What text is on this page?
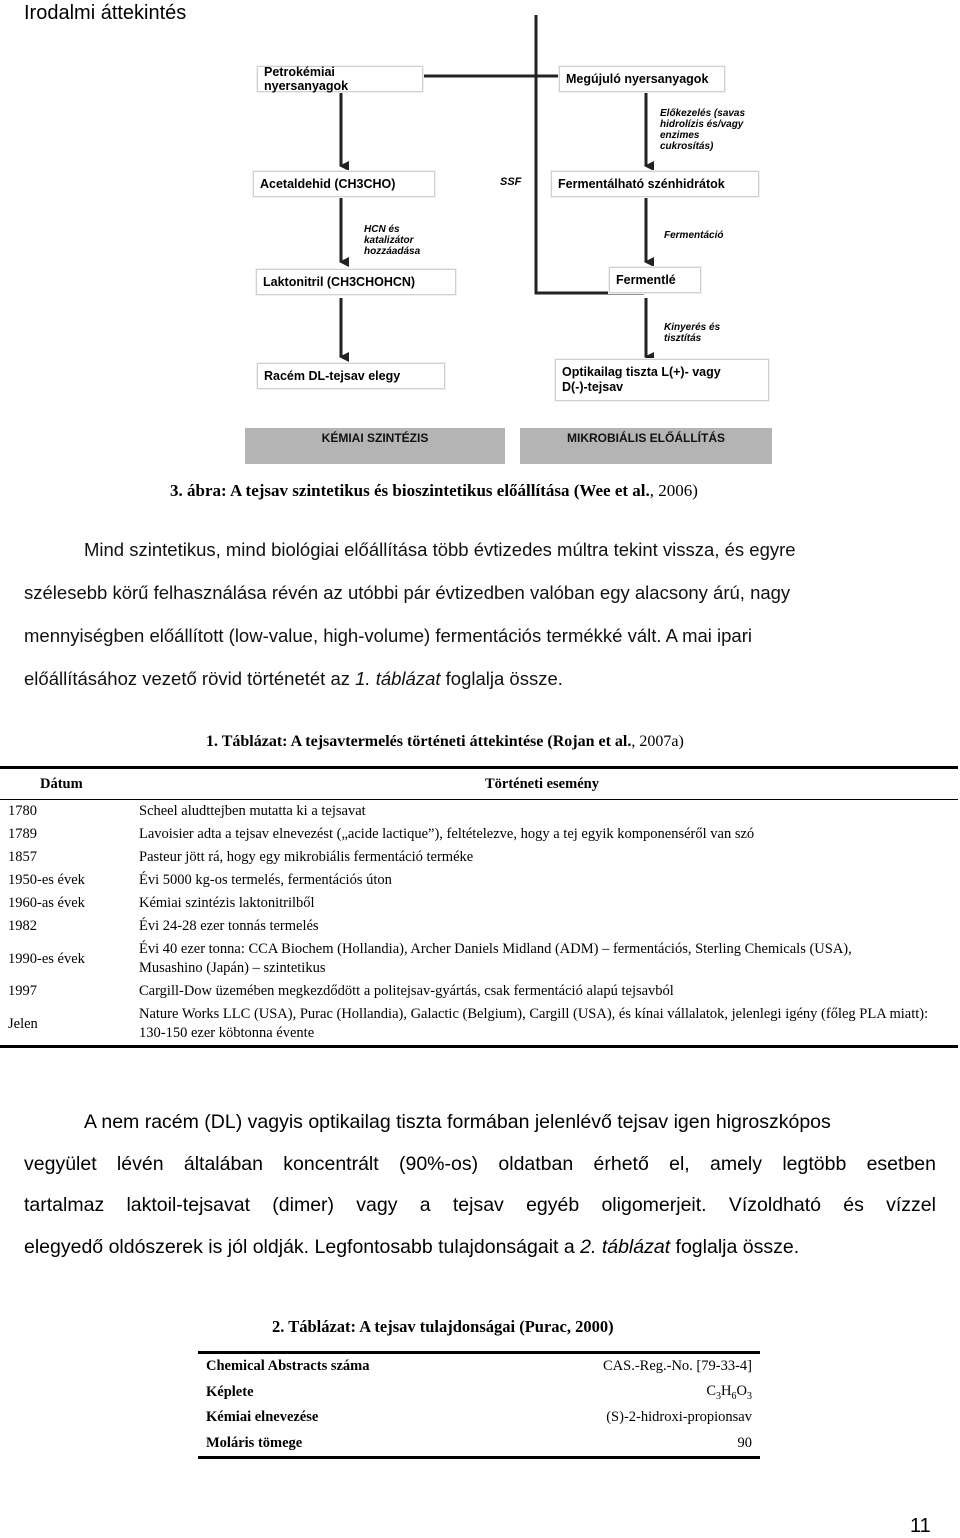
Irodalmi áttekintés
Petrokémiai nyersanyagok	Megújuló nyersanyagok
Előkezelés (savas
hidrolízis és/vagy
enzimes
cukrosítás)
Acetaldehid (CH3CHO)	SSF	Fermentálható szénhidrátok
HCN és
katalizátor
hozzáadása
Fermentáció
Laktonitril (CH3CHOHCN)	Fermentlé
Kinyerés és
tisztítás
Racém DL-tejsav elegy	Optikailag tiszta L(+)- vagy
D(-)-tejsav
KÉMIAI SZINTÉZIS	MIKROBIÁLIS ELŐÁLLÍTÁS
3. ábra: A tejsav szintetikus és bioszintetikus előállítása (Wee et al., 2006)

Mind szintetikus, mind biológiai előállítása több évtizedes múltra tekint vissza, és egyre

szélesebb körű felhasználása révén az utóbbi pár évtizedben valóban egy alacsony árú, nagy

mennyiségben előállított (low-value, high-volume) fermentációs termékké vált. A mai ipari

előállításához vezető rövid történetét az 1. táblázat foglalja össze.

1. Táblázat: A tejsavtermelés történeti áttekintése (Rojan et al., 2007a)
Dátum	Történeti esemény
1780	Scheel aludttejben mutatta ki a tejsavat
1789	Lavoisier adta a tejsav elnevezést („acide lactique”), feltételezve, hogy a tej egyik komponenséről van szó
1857	Pasteur jött rá, hogy egy mikrobiális fermentáció terméke
1950-es évek	Évi 5000 kg-os termelés, fermentációs úton
1960-as évek	Kémiai szintézis laktonitrilből
1982	Évi 24-28 ezer tonnás termelés
1990-es évek	Évi 40 ezer tonna: CCA Biochem (Hollandia), Archer Daniels Midland (ADM) – fermentációs, Sterling Chemicals (USA), Musashino (Japán) – szintetikus
1997	Cargill-Dow üzemében megkezdődött a politejsav-gyártás, csak fermentáció alapú tejsavból
Jelen	Nature Works LLC (USA), Purac (Hollandia), Galactic (Belgium), Cargill (USA), és kínai vállalatok, jelenlegi igény (főleg PLA miatt): 130-150 ezer köbtonna évente

A nem racém (DL) vagyis optikailag tiszta formában jelenlévő tejsav igen higroszkópos

vegyület lévén általában koncentrált (90%-os) oldatban érhető el, amely legtöbb esetben
tartalmaz laktoil-tejsavat (dimer) vagy a tejsav egyéb oligomerjeit. Vízoldható és vízzel
elegyedő oldószerek is jól oldják. Legfontosabb tulajdonságait a 2. táblázat foglalja össze.
2. Táblázat: A tejsav tulajdonságai (Purac, 2000)
Chemical Abstracts száma	CAS.-Reg.-No. [79-33-4]
Képlete	$C_3H_6O_3$
Kémiai elnevezése	(S)-2-hidroxi-propionsav
Moláris tömege	90
11
